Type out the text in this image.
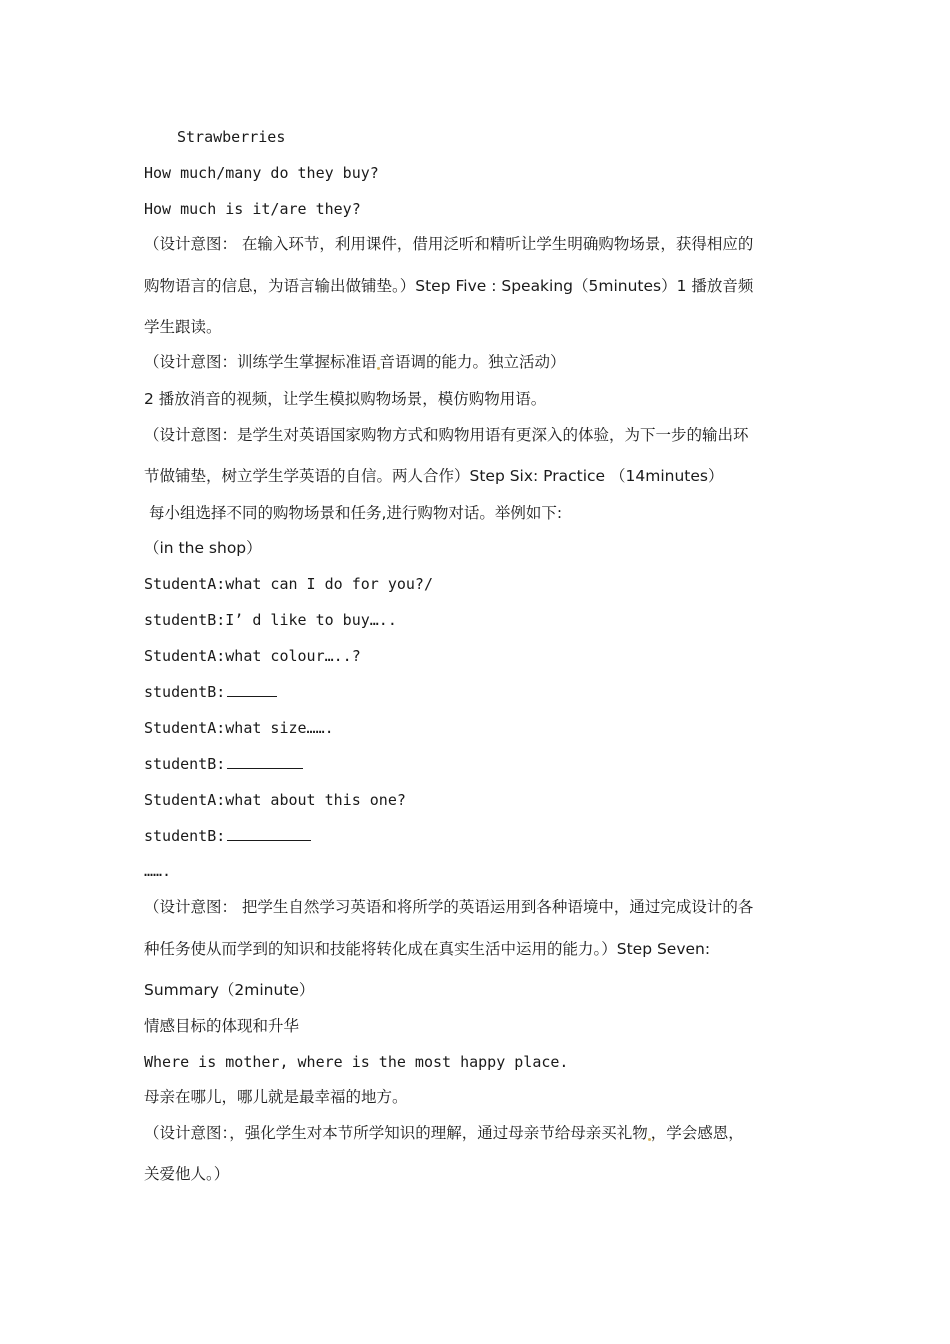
Strawberries
How much/many do they buy?
How much is it/are they?
（设计意图： 在输入环节，利用课件，借用泛听和精听让学生明确购物场景，获得相应的
购物语言的信息，为语言输出做铺垫。）Step Five : Speaking（5minutes）1 播放音频
学生跟读。
（设计意图：训练学生掌握标准语 音语调的能力。独立活动）
2 播放消音的视频，让学生模拟购物场景，模仿购物用语。
（设计意图：是学生对英语国家购物方式和购物用语有更深入的体验，为下一步的输出环
节做铺垫，树立学生学英语的自信。两人合作）Step Six: Practice （14minutes）
每小组选择不同的购物场景和任务,进行购物对话。举例如下:
（in the shop）
StudentA:what can I do for you?/
studentB:I’ d like to buy…..
StudentA:what colour…..?
studentB:
StudentA:what size…….
studentB:
StudentA:what about this one?
studentB:
…….
（设计意图： 把学生自然学习英语和将所学的英语运用到各种语境中，通过完成设计的各
种任务使从而学到的知识和技能将转化成在真实生活中运用的能力。）Step Seven:
Summary（2minute）
情感目标的体现和升华
Where is mother, where is the most happy place.
母亲在哪儿，哪儿就是最幸福的地方。
（设计意图：，强化学生对本节所学知识的理解，通过母亲节给母亲买礼物 ，学会感恩，
关爱他人。）
